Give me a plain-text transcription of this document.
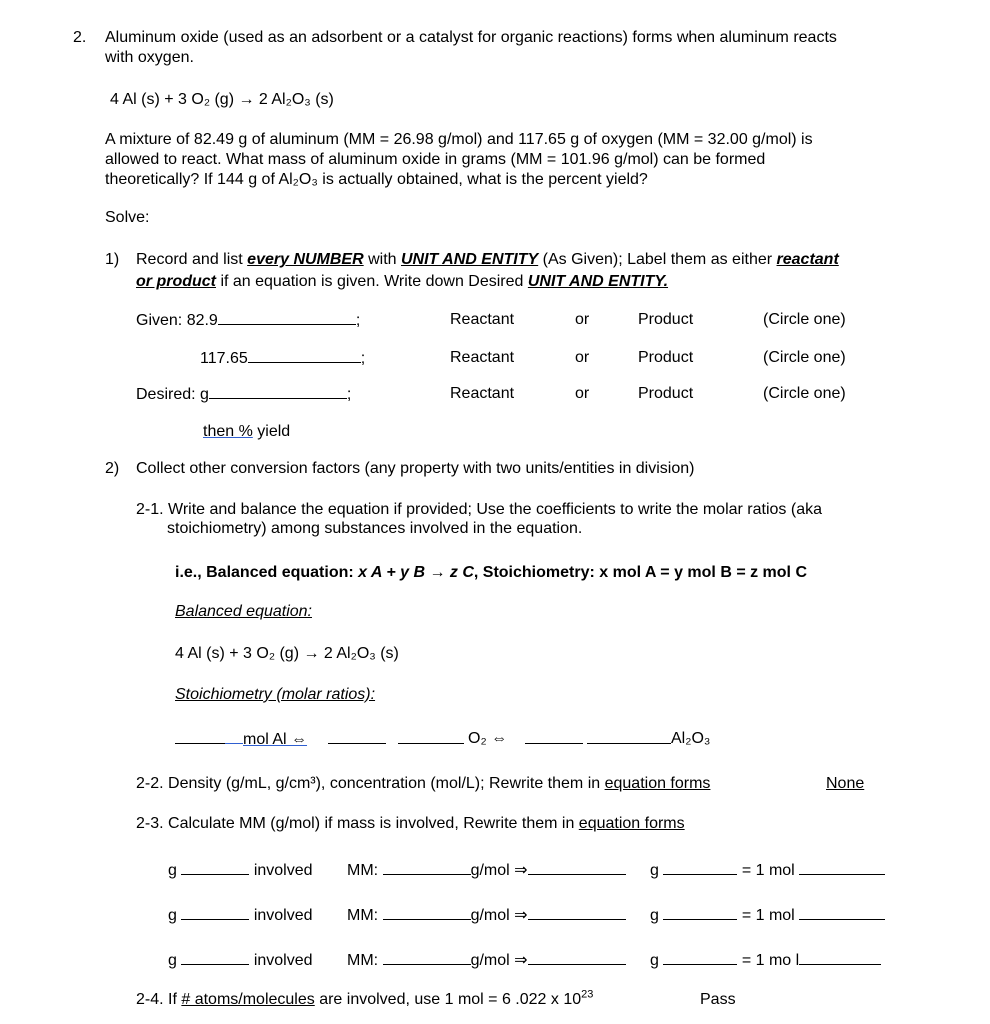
2. Aluminum oxide (used as an adsorbent or a catalyst for organic reactions) forms when aluminum reacts
with oxygen.
4 Al (s) + 3 O₂ (g) → 2 Al₂O₃ (s)
A mixture of 82.49 g of aluminum (MM = 26.98 g/mol) and 117.65 g of oxygen (MM = 32.00 g/mol) is
allowed to react. What mass of aluminum oxide in grams (MM = 101.96 g/mol) can be formed
theoretically? If 144 g of Al₂O₃ is actually obtained, what is the percent yield?
Solve:
1) Record and list every NUMBER with UNIT AND ENTITY (As Given); Label them as either reactant
or product if an equation is given. Write down Desired UNIT AND ENTITY.
Given: 82.9	;	Reactant	or	Product	(Circle one)
117.65	;	Reactant	or	Product	(Circle one)
Desired: g	;	Reactant	or	Product	(Circle one)
then % yield
2) Collect other conversion factors (any property with two units/entities in division)
2-1. Write and balance the equation if provided; Use the coefficients to write the molar ratios (aka
stoichiometry) among substances involved in the equation.
i.e., Balanced equation: x A + y B → z C, Stoichiometry: x mol A = y mol B = z mol C
Balanced equation:
4 Al (s) + 3 O₂ (g) → 2 Al₂O₃ (s)
Stoichiometry (molar ratios):
mol Al ⇔	O₂ ⇔	Al₂O₃
2-2. Density (g/mL, g/cm³), concentration (mol/L); Rewrite them in equation forms	None
2-3. Calculate MM (g/mol) if mass is involved, Rewrite them in equation forms
g	involved MM:	g/mol ⇒	g	= 1 mol
g	involved MM:	g/mol ⇒	g	= 1 mol
g	involved MM:	g/mol ⇒	g	= 1 mo l
2-4. If # atoms/molecules are involved, use 1 mol = 6 .022 x $10^{23}$	Pass
